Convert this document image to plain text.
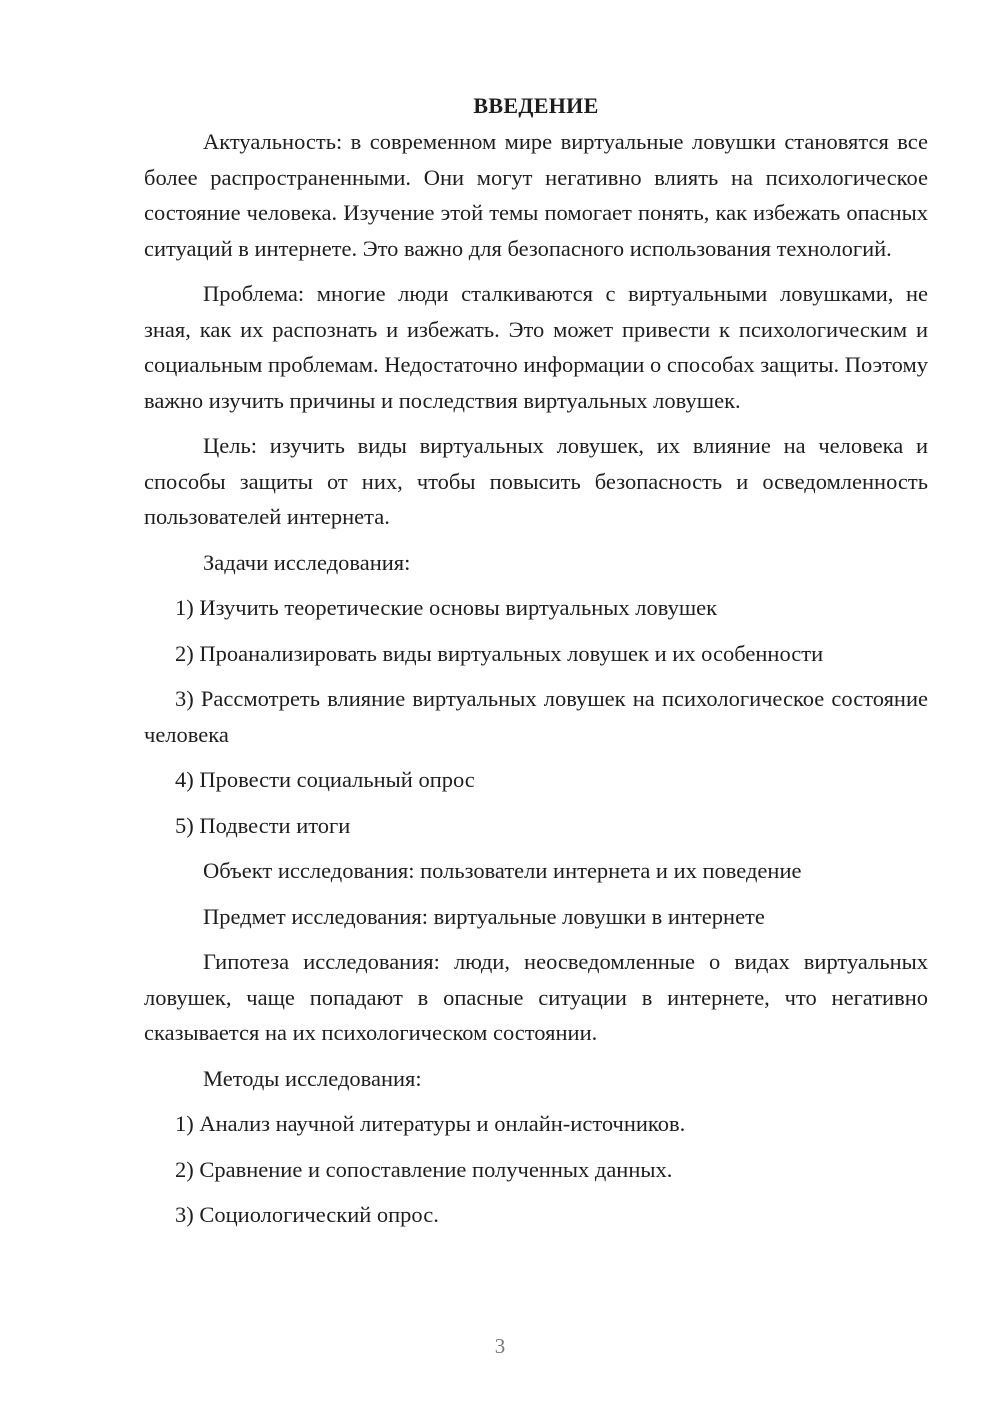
ВВЕДЕНИЕ

Актуальность: в современном мире виртуальные ловушки становятся все более распространенными. Они могут негативно влиять на психологическое состояние человека. Изучение этой темы помогает понять, как избежать опасных ситуаций в интернете. Это важно для безопасного использования технологий.

Проблема: многие люди сталкиваются с виртуальными ловушками, не зная, как их распознать и избежать. Это может привести к психологическим и социальным проблемам. Недостаточно информации о способах защиты. Поэтому важно изучить причины и последствия виртуальных ловушек.

Цель: изучить виды виртуальных ловушек, их влияние на человека и способы защиты от них, чтобы повысить безопасность и осведомленность пользователей интернета.

Задачи исследования:

1) Изучить теоретические основы виртуальных ловушек

2) Проанализировать виды виртуальных ловушек и их особенности

3) Рассмотреть влияние виртуальных ловушек на психологическое состояние человека

4) Провести социальный опрос

5) Подвести итоги

Объект исследования: пользователи интернета и их поведение

Предмет исследования: виртуальные ловушки в интернете

Гипотеза исследования: люди, неосведомленные о видах виртуальных ловушек, чаще попадают в опасные ситуации в интернете, что негативно сказывается на их психологическом состоянии.

Методы исследования:

1) Анализ научной литературы и онлайн-источников.

2) Сравнение и сопоставление полученных данных.

3) Социологический опрос.

3
